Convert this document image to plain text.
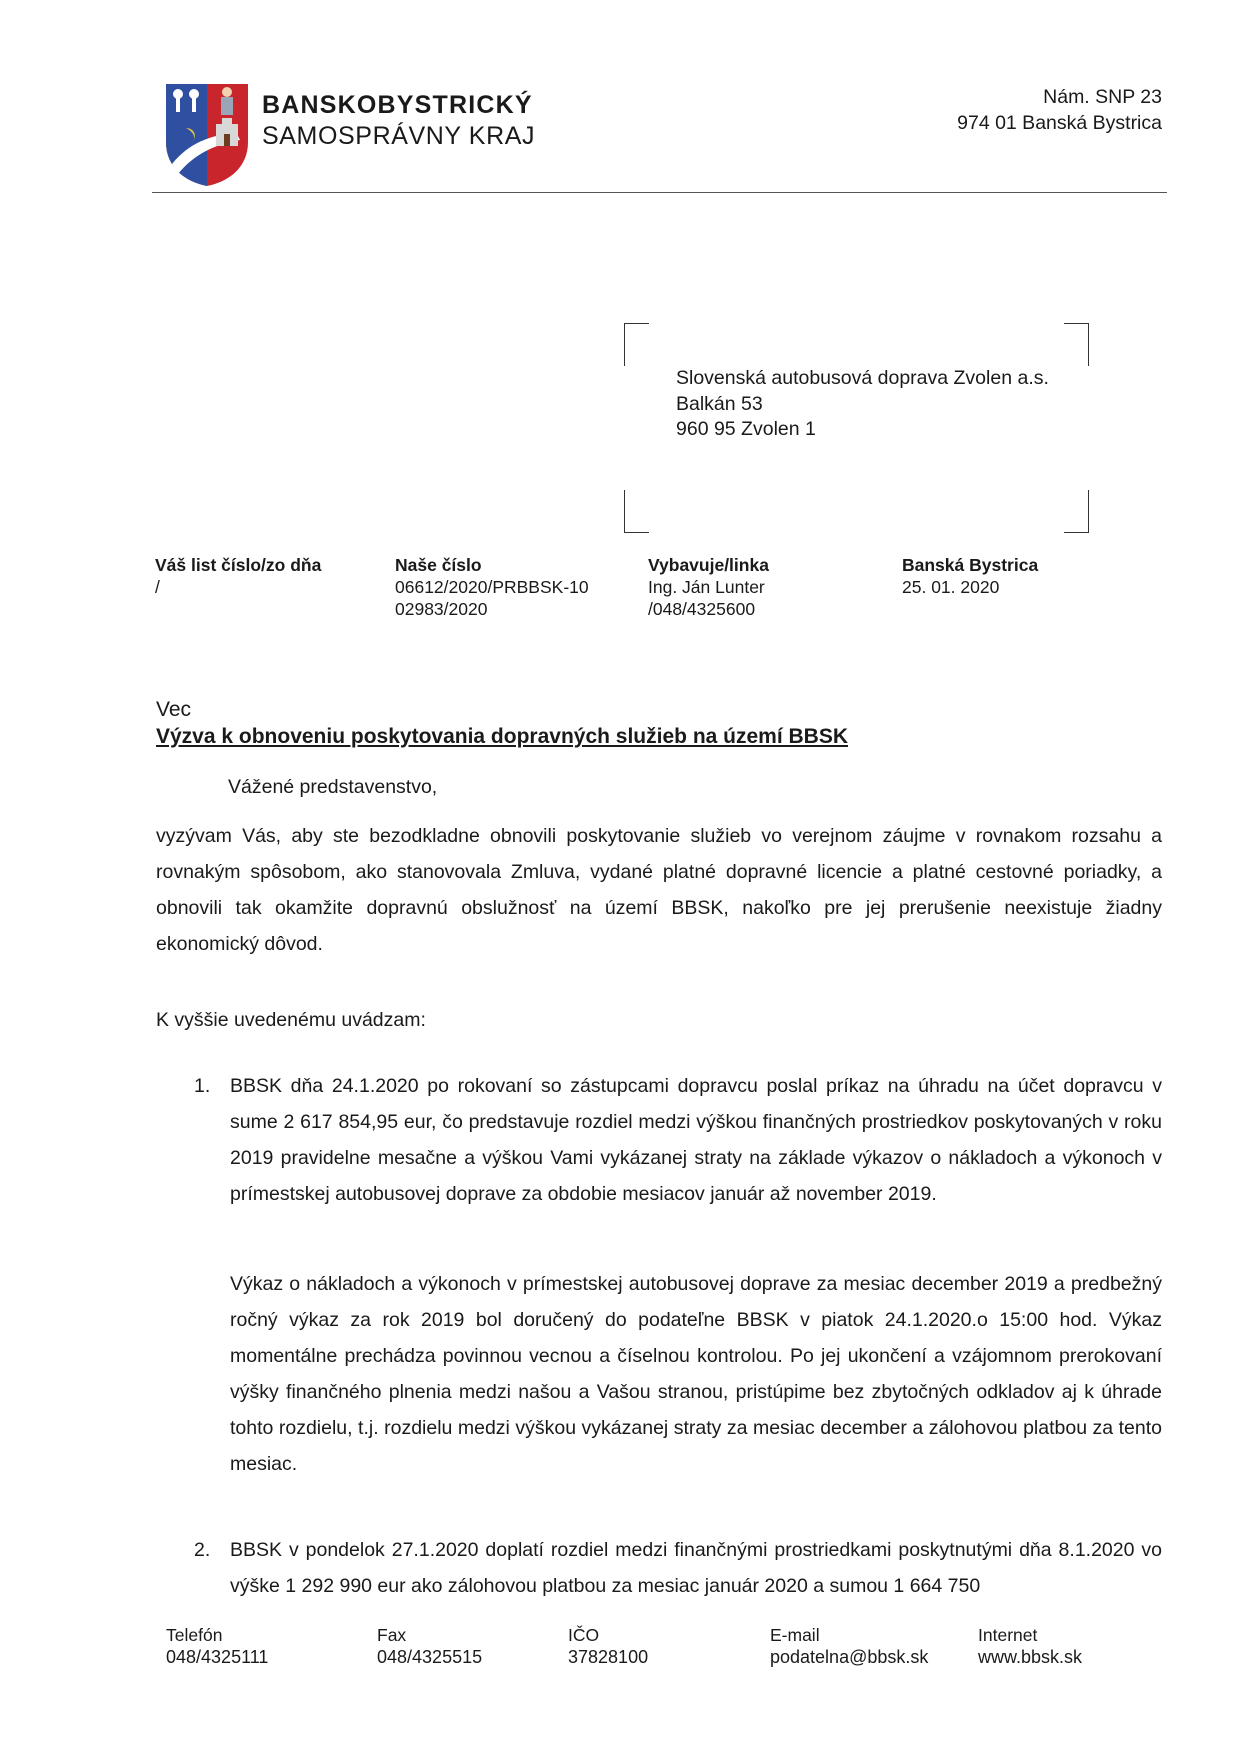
BANSKOBYSTRICKÝ
SAMOSPRÁVNY KRAJ
Nám. SNP 23
974 01 Banská Bystrica
Slovenská autobusová doprava Zvolen a.s.
Balkán 53
960 95 Zvolen 1
Váš list číslo/zo dňa
/
Naše číslo
06612/2020/PRBBSK-10
02983/2020
Vybavuje/linka
Ing. Ján Lunter
/048/4325600
Banská Bystrica
25. 01. 2020
Vec
Výzva k obnoveniu poskytovania dopravných služieb na území BBSK
Vážené predstavenstvo,

vyzývam Vás, aby ste bezodkladne obnovili poskytovanie služieb vo verejnom záujme v rovnakom rozsahu a rovnakým spôsobom, ako stanovovala Zmluva, vydané platné dopravné licencie a platné cestovné poriadky, a obnovili tak okamžite dopravnú obslužnosť na území BBSK, nakoľko pre jej prerušenie neexistuje žiadny ekonomický dôvod.

K vyššie uvedenému uvádzam:

1. BBSK dňa 24.1.2020 po rokovaní so zástupcami dopravcu poslal príkaz na úhradu na účet dopravcu v sume 2 617 854,95 eur, čo predstavuje rozdiel medzi výškou finančných prostriedkov poskytovaných v roku 2019 pravidelne mesačne a výškou Vami vykázanej straty na základe výkazov o nákladoch a výkonoch v prímestskej autobusovej doprave za obdobie mesiacov január až november 2019.

Výkaz o nákladoch a výkonoch v prímestskej autobusovej doprave za mesiac december 2019 a predbežný ročný výkaz za rok 2019 bol doručený do podateľne BBSK v piatok 24.1.2020.o 15:00 hod. Výkaz momentálne prechádza povinnou vecnou a číselnou kontrolou. Po jej ukončení a vzájomnom prerokovaní výšky finančného plnenia medzi našou a Vašou stranou, pristúpime bez zbytočných odkladov aj k úhrade tohto rozdielu, t.j. rozdielu medzi výškou vykázanej straty za mesiac december a zálohovou platbou za tento mesiac.

2. BBSK v pondelok 27.1.2020 doplatí rozdiel medzi finančnými prostriedkami poskytnutými dňa 8.1.2020 vo výške 1 292 990 eur ako zálohovou platbou za mesiac január 2020 a sumou 1 664 750

Telefón
048/4325111
Fax
048/4325515
IČO
37828100
E-mail
podatelna@bbsk.sk
Internet
www.bbsk.sk
